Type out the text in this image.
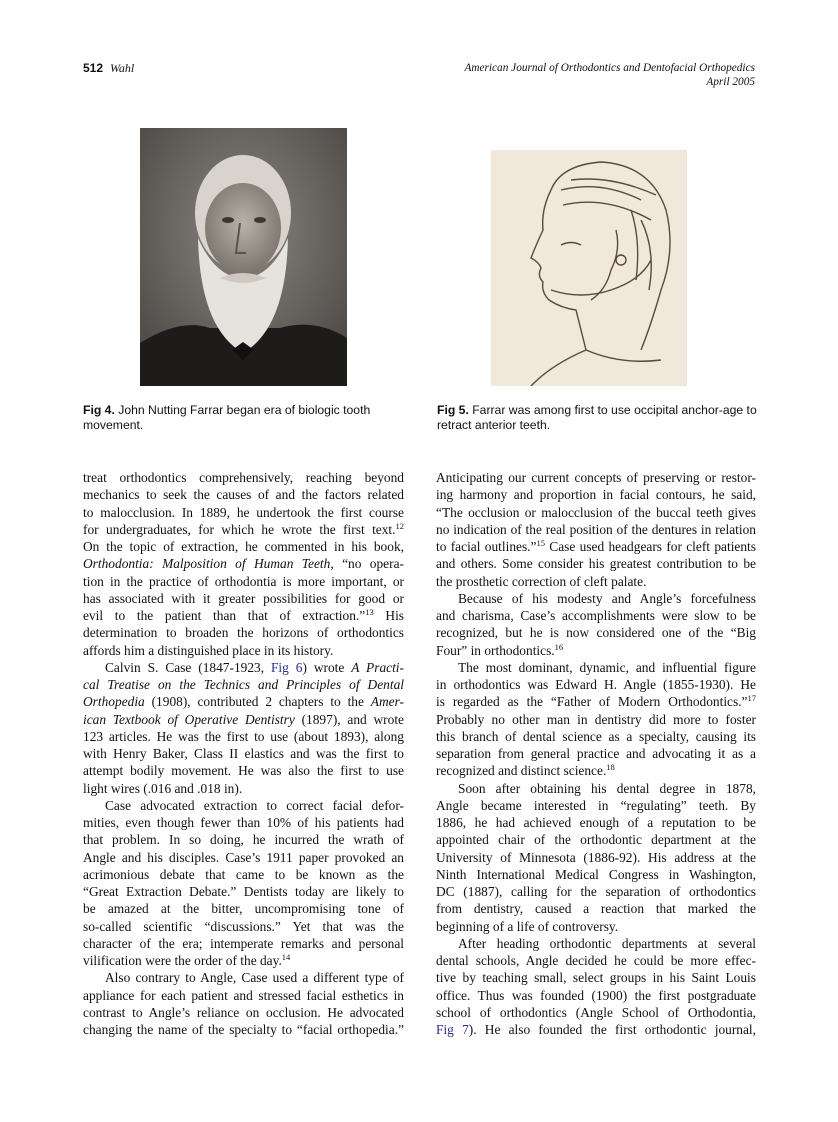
512 Wahl	American Journal of Orthodontics and Dentofacial Orthopedics
April 2005
Fig 4. John Nutting Farrar began era of biologic tooth movement.
Fig 5. Farrar was among first to use occipital anchor-age to retract anterior teeth.
treat orthodontics comprehensively, reaching beyond
mechanics to seek the causes of and the factors related
to malocclusion. In 1889, he undertook the first course
for undergraduates, for which he wrote the first text.$^{12}$
On the topic of extraction, he commented in his book,
Orthodontia: Malposition of Human Teeth, “no opera-
tion in the practice of orthodontia is more important, or
has associated with it greater possibilities for good or
evil to the patient than that of extraction.”$^{13}$ His
determination to broaden the horizons of orthodontics
affords him a distinguished place in its history.
Calvin S. Case (1847-1923, Fig 6) wrote A Practi-
cal Treatise on the Technics and Principles of Dental
Orthopedia (1908), contributed 2 chapters to the Amer-
ican Textbook of Operative Dentistry (1897), and wrote
123 articles. He was the first to use (about 1893), along
with Henry Baker, Class II elastics and was the first to
attempt bodily movement. He was also the first to use
light wires (.016 and .018 in).
Case advocated extraction to correct facial defor-
mities, even though fewer than 10% of his patients had
that problem. In so doing, he incurred the wrath of
Angle and his disciples. Case’s 1911 paper provoked an
acrimonious debate that came to be known as the
“Great Extraction Debate.” Dentists today are likely to
be amazed at the bitter, uncompromising tone of
so-called scientific “discussions.” Yet that was the
character of the era; intemperate remarks and personal
vilification were the order of the day.$^{14}$
Also contrary to Angle, Case used a different type of
appliance for each patient and stressed facial esthetics in
contrast to Angle’s reliance on occlusion. He advocated
changing the name of the specialty to “facial orthopedia.”
Anticipating our current concepts of preserving or restor-
ing harmony and proportion in facial contours, he said,
“The occlusion or malocclusion of the buccal teeth gives
no indication of the real position of the dentures in relation
to facial outlines.”$^{15}$ Case used headgears for cleft patients
and others. Some consider his greatest contribution to be
the prosthetic correction of cleft palate.
Because of his modesty and Angle’s forcefulness
and charisma, Case’s accomplishments were slow to be
recognized, but he is now considered one of the “Big
Four” in orthodontics.$^{16}$
The most dominant, dynamic, and influential figure
in orthodontics was Edward H. Angle (1855-1930). He
is regarded as the “Father of Modern Orthodontics.”$^{17}$
Probably no other man in dentistry did more to foster
this branch of dental science as a specialty, causing its
separation from general practice and advocating it as a
recognized and distinct science.$^{18}$
Soon after obtaining his dental degree in 1878,
Angle became interested in “regulating” teeth. By
1886, he had achieved enough of a reputation to be
appointed chair of the orthodontic department at the
University of Minnesota (1886-92). His address at the
Ninth International Medical Congress in Washington,
DC (1887), calling for the separation of orthodontics
from dentistry, caused a reaction that marked the
beginning of a life of controversy.
After heading orthodontic departments at several
dental schools, Angle decided he could be more effec-
tive by teaching small, select groups in his Saint Louis
office. Thus was founded (1900) the first postgraduate
school of orthodontics (Angle School of Orthodontia,
Fig 7). He also founded the first orthodontic journal,
